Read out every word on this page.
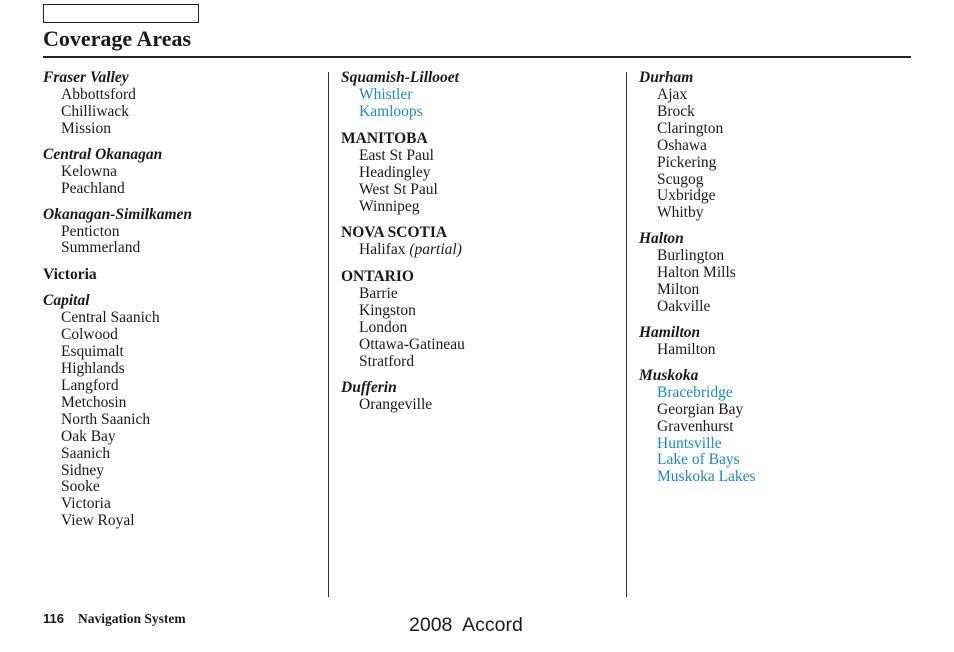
Coverage Areas
Fraser Valley
Abbottsford
Chilliwack
Mission
Central Okanagan
Kelowna
Peachland
Okanagan-Similkamen
Penticton
Summerland
Victoria
Capital
Central Saanich
Colwood
Esquimalt
Highlands
Langford
Metchosin
North Saanich
Oak Bay
Saanich
Sidney
Sooke
Victoria
View Royal
Squamish-Lillooet
Whistler
Kamloops
MANITOBA
East St Paul
Headingley
West St Paul
Winnipeg
NOVA SCOTIA
Halifax (partial)
ONTARIO
Barrie
Kingston
London
Ottawa-Gatineau
Stratford
Dufferin
Orangeville
Durham
Ajax
Brock
Clarington
Oshawa
Pickering
Scugog
Uxbridge
Whitby
Halton
Burlington
Halton Mills
Milton
Oakville
Hamilton
Hamilton
Muskoka
Bracebridge
Georgian Bay
Gravenhurst
Huntsville
Lake of Bays
Muskoka Lakes
116 Navigation System	2008  Accord
